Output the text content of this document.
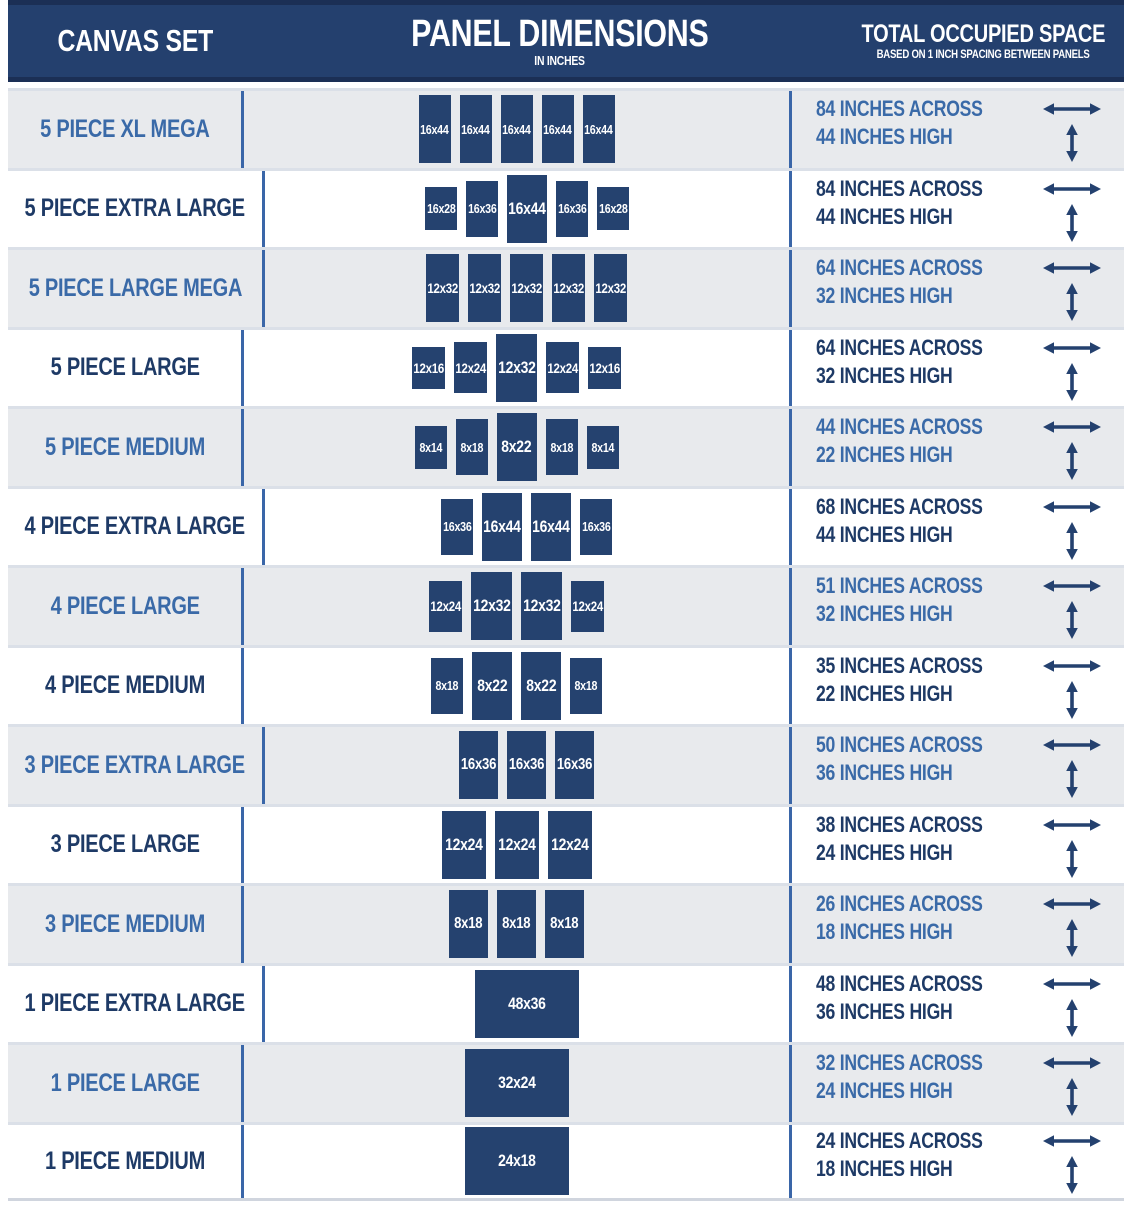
CANVAS SET	PANEL DIMENSIONS
IN INCHES
TOTAL OCCUPIED SPACE
BASED ON 1 INCH SPACING BETWEEN PANELS
5 PIECE XL MEGA	16x44 16x44 16x44 16x44 16x44
84 INCHES ACROSS
44 INCHES HIGH
5 PIECE EXTRA LARGE	16x28 16x36 16x44 16x36 16x28
84 INCHES ACROSS
44 INCHES HIGH
5 PIECE LARGE MEGA	12x32 12x32 12x32 12x32 12x32
64 INCHES ACROSS
32 INCHES HIGH
5 PIECE LARGE	12x16 12x24 12x32 12x24 12x16
64 INCHES ACROSS
32 INCHES HIGH
5 PIECE MEDIUM	8x14 8x18 8x22 8x18 8x14
44 INCHES ACROSS
22 INCHES HIGH
4 PIECE EXTRA LARGE	16x36 16x44 16x44 16x36
68 INCHES ACROSS
44 INCHES HIGH
4 PIECE LARGE	12x24 12x32 12x32 12x24
51 INCHES ACROSS
32 INCHES HIGH
4 PIECE MEDIUM	8x18 8x22 8x22 8x18
35 INCHES ACROSS
22 INCHES HIGH
3 PIECE EXTRA LARGE	16x36 16x36 16x36
50 INCHES ACROSS
36 INCHES HIGH
3 PIECE LARGE	12x24 12x24 12x24
38 INCHES ACROSS
24 INCHES HIGH
3 PIECE MEDIUM	8x18 8x18 8x18
26 INCHES ACROSS
18 INCHES HIGH
1 PIECE EXTRA LARGE	48x36
48 INCHES ACROSS
36 INCHES HIGH
1 PIECE LARGE	32x24
32 INCHES ACROSS
24 INCHES HIGH
1 PIECE MEDIUM	24x18
24 INCHES ACROSS
18 INCHES HIGH
